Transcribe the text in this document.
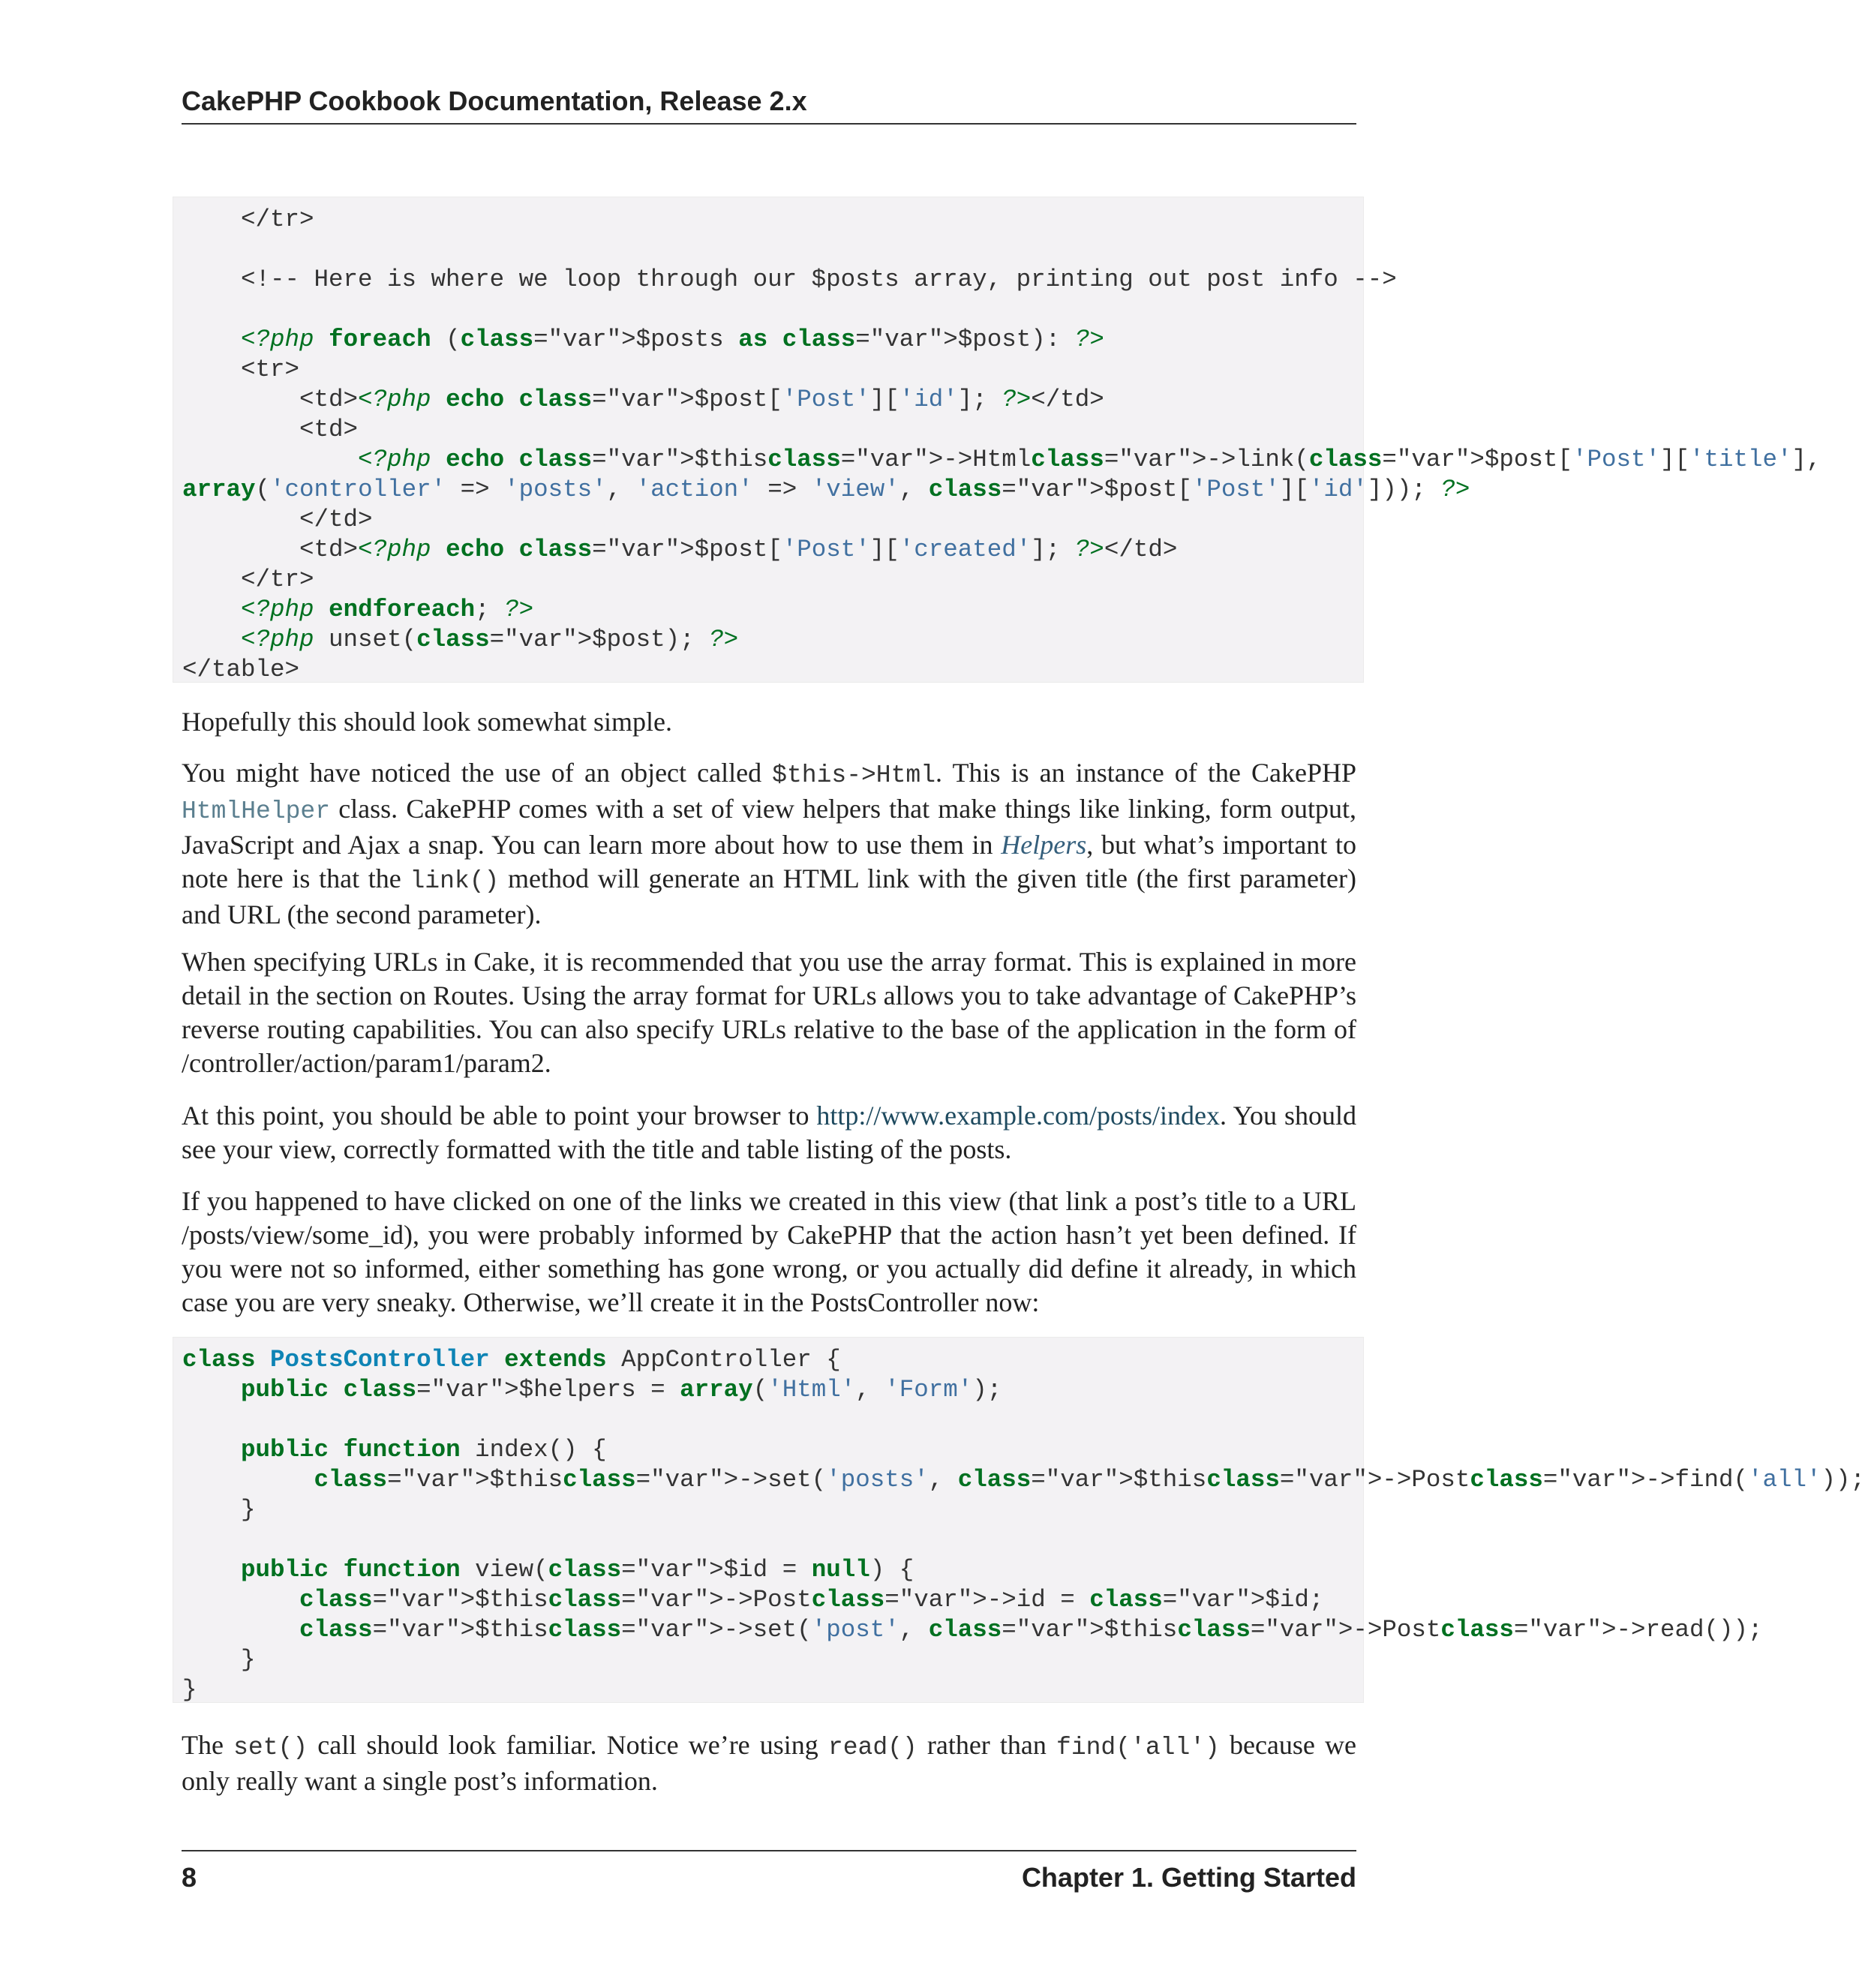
CakePHP Cookbook Documentation, Release 2.x
</tr>

<!-- Here is where we loop through our $posts array, printing out post info -->

<?php foreach (class="var">$posts as class="var">$post): ?>
<tr>
<td><?php echo class="var">$post['Post']['id']; ?></td>
<td>
<?php echo class="var">$thisclass="var">->Htmlclass="var">->link(class="var">$post['Post']['title'],
array('controller' => 'posts', 'action' => 'view', class="var">$post['Post']['id'])); ?>
</td>
<td><?php echo class="var">$post['Post']['created']; ?></td>
</tr>
<?php endforeach; ?>
<?php unset(class="var">$post); ?>
</table>

Hopefully this should look somewhat simple.

You might have noticed the use of an object called $this->Html. This is an instance of the CakePHP HtmlHelper class. CakePHP comes with a set of view helpers that make things like linking, form output, JavaScript and Ajax a snap. You can learn more about how to use them in Helpers, but what’s important to note here is that the link() method will generate an HTML link with the given title (the first parameter) and URL (the second parameter).

When specifying URLs in Cake, it is recommended that you use the array format. This is explained in more detail in the section on Routes. Using the array format for URLs allows you to take advantage of CakePHP’s reverse routing capabilities. You can also specify URLs relative to the base of the application in the form of /controller/action/param1/param2.

At this point, you should be able to point your browser to http://www.example.com/posts/index. You should see your view, correctly formatted with the title and table listing of the posts.

If you happened to have clicked on one of the links we created in this view (that link a post’s title to a URL /posts/view/some_id), you were probably informed by CakePHP that the action hasn’t yet been defined. If you were not so informed, either something has gone wrong, or you actually did define it already, in which case you are very sneaky. Otherwise, we’ll create it in the PostsController now:

class PostsController extends AppController {
public class="var">$helpers = array('Html', 'Form');

public function index() {
class="var">$thisclass="var">->set('posts', class="var">$thisclass="var">->Postclass="var">->find('all'));
}

public function view(class="var">$id = null) {
class="var">$thisclass="var">->Postclass="var">->id = class="var">$id;
class="var">$thisclass="var">->set('post', class="var">$thisclass="var">->Postclass="var">->read());
}
}

The set() call should look familiar. Notice we’re using read() rather than find('all') because we only really want a single post’s information.

8	Chapter 1. Getting Started
